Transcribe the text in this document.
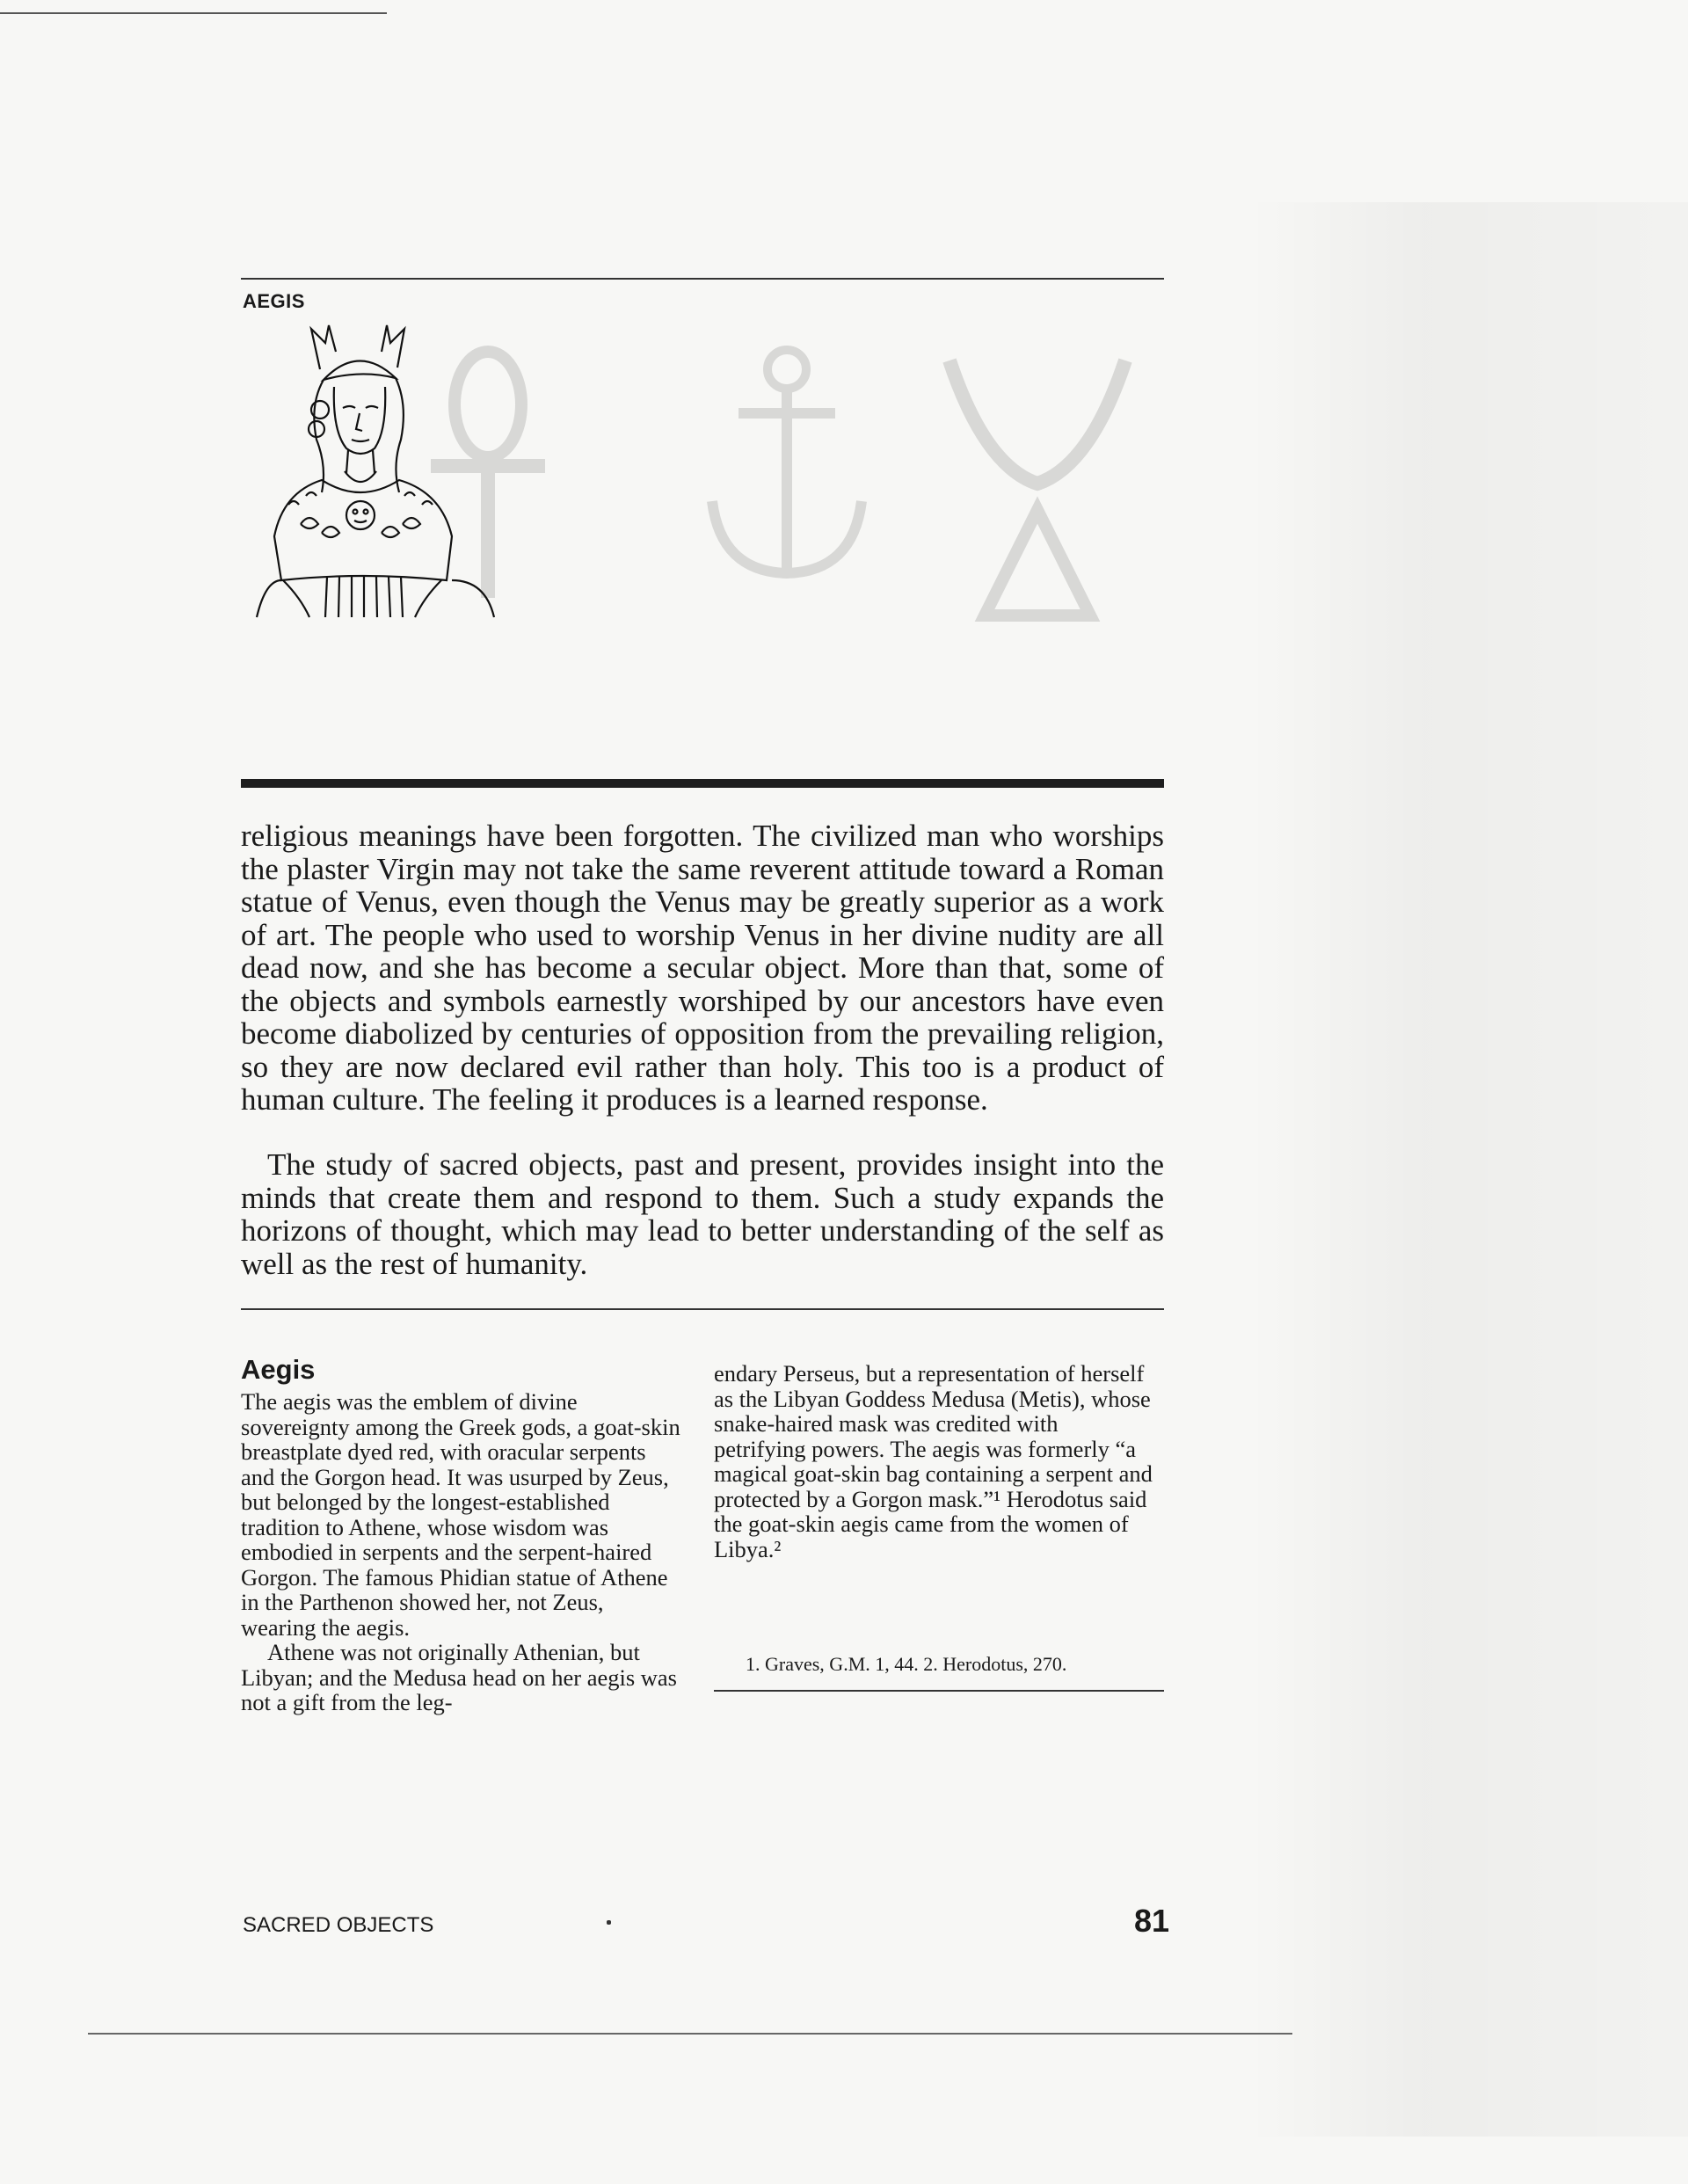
AEGIS

religious meanings have been forgotten. The civilized man who worships the plaster Virgin may not take the same reverent attitude toward a Roman statue of Venus, even though the Venus may be greatly superior as a work of art. The people who used to worship Venus in her divine nudity are all dead now, and she has become a secular object. More than that, some of the objects and symbols earnestly worshiped by our ancestors have even become diabolized by centuries of opposition from the prevailing religion, so they are now declared evil rather than holy. This too is a product of human culture. The feeling it produces is a learned response.

The study of sacred objects, past and present, provides insight into the minds that create them and respond to them. Such a study expands the horizons of thought, which may lead to better understanding of the self as well as the rest of humanity.

Aegis

The aegis was the emblem of divine sovereignty among the Greek gods, a goat-skin breastplate dyed red, with oracular serpents and the Gorgon head. It was usurped by Zeus, but belonged by the longest-established tradition to Athene, whose wisdom was embodied in serpents and the serpent-haired Gorgon. The famous Phidian statue of Athene in the Parthenon showed her, not Zeus, wearing the aegis.

Athene was not originally Athenian, but Libyan; and the Medusa head on her aegis was not a gift from the leg-

endary Perseus, but a representation of herself as the Libyan Goddess Medusa (Metis), whose snake-haired mask was credited with petrifying powers. The aegis was formerly “a magical goat-skin bag containing a serpent and protected by a Gorgon mask.”¹ Herodotus said the goat-skin aegis came from the women of Libya.²

1. Graves, G.M. 1, 44. 2. Herodotus, 270.
SACRED OBJECTS	81
